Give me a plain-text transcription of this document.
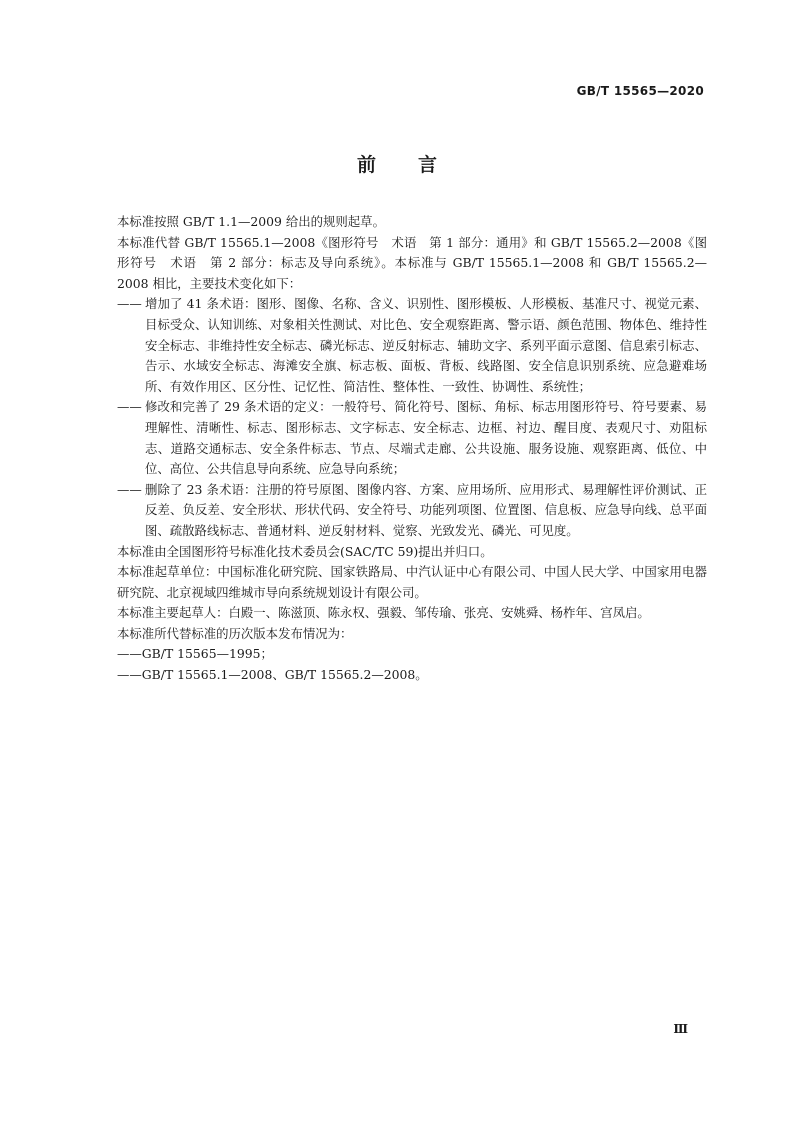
GB/T 15565—2020
前言

本标准按照 GB/T 1.1—2009 给出的规则起草。

本标准代替 GB/T 15565.1—2008《图形符号　术语　第 1 部分：通用》和 GB/T 15565.2—2008《图形符号　术语　第 2 部分：标志及导向系统》。本标准与 GB/T 15565.1—2008 和 GB/T 15565.2—2008 相比，主要技术变化如下：

—— 增加了 41 条术语：图形、图像、名称、含义、识别性、图形模板、人形模板、基准尺寸、视觉元素、目标受众、认知训练、对象相关性测试、对比色、安全观察距离、警示语、颜色范围、物体色、维持性安全标志、非维持性安全标志、磷光标志、逆反射标志、辅助文字、系列平面示意图、信息索引标志、告示、水域安全标志、海滩安全旗、标志板、面板、背板、线路图、安全信息识别系统、应急避难场所、有效作用区、区分性、记忆性、简洁性、整体性、一致性、协调性、系统性；
—— 修改和完善了 29 条术语的定义：一般符号、简化符号、图标、角标、标志用图形符号、符号要素、易理解性、清晰性、标志、图形标志、文字标志、安全标志、边框、衬边、醒目度、表观尺寸、劝阻标志、道路交通标志、安全条件标志、节点、尽端式走廊、公共设施、服务设施、观察距离、低位、中位、高位、公共信息导向系统、应急导向系统；
—— 删除了 23 条术语：注册的符号原图、图像内容、方案、应用场所、应用形式、易理解性评价测试、正反差、负反差、安全形状、形状代码、安全符号、功能列项图、位置图、信息板、应急导向线、总平面图、疏散路线标志、普通材料、逆反射材料、觉察、光致发光、磷光、可见度。

本标准由全国图形符号标准化技术委员会(SAC/TC 59)提出并归口。

本标准起草单位：中国标准化研究院、国家铁路局、中汽认证中心有限公司、中国人民大学、中国家用电器研究院、北京视域四维城市导向系统规划设计有限公司。

本标准主要起草人：白殿一、陈滋顶、陈永权、强毅、邹传瑜、张亮、安姚舜、杨柞年、宫凤启。

本标准所代替标准的历次版本发布情况为：

——GB/T 15565—1995；

——GB/T 15565.1—2008、GB/T 15565.2—2008。

Ⅲ
